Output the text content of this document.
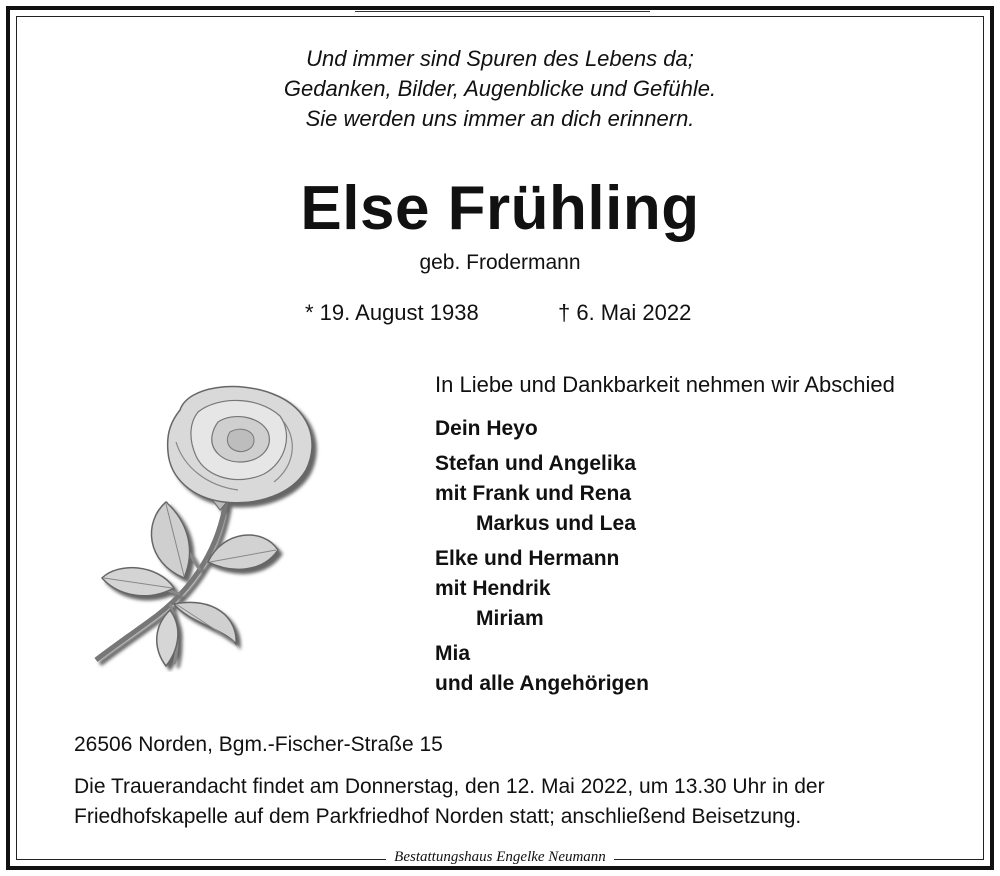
Und immer sind Spuren des Lebens da;
Gedanken, Bilder, Augenblicke und Gefühle.
Sie werden uns immer an dich erinnern.
Else Frühling
geb. Frodermann
* 19. August 1938	† 6. Mai 2022
In Liebe und Dankbarkeit nehmen wir Abschied
Dein Heyo
Stefan und Angelika
mit Frank und Rena
Markus und Lea
Elke und Hermann
mit Hendrik
Miriam
Mia
und alle Angehörigen
26506 Norden, Bgm.-Fischer-Straße 15
Die Trauerandacht findet am Donnerstag, den 12. Mai 2022, um 13.30 Uhr in der
Friedhofskapelle auf dem Parkfriedhof Norden statt; anschließend Beisetzung.
Bestattungshaus Engelke Neumann
